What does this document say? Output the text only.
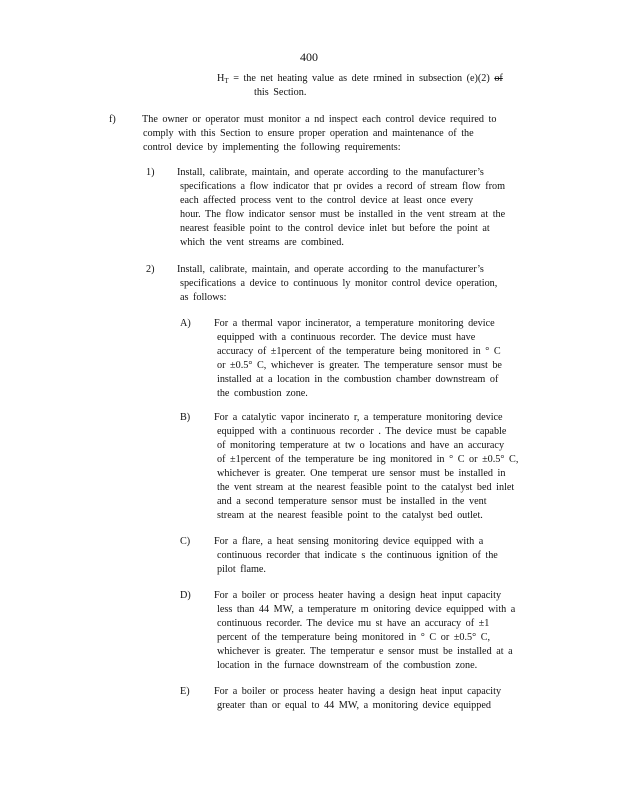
400
$H_T$ = the net heating value as dete rmined in subsection (e)(2) of
this Section.
f)	The owner or operator must monitor a nd inspect each control device required to
comply with this Section to ensure proper operation and maintenance of the
control device by implementing the following requirements:
1) Install, calibrate, maintain, and operate according to the manufacturer’s
specifications a flow indicator that pr ovides a record of stream flow from
each affected process vent to the control device at least once every
hour. The flow indicator sensor must be installed in the vent stream at the
nearest feasible point to the control device inlet but before the point at
which the vent streams are combined.
2) Install, calibrate, maintain, and operate according to the manufacturer’s
specifications a device to continuous ly monitor control device operation,
as follows:
A) For a thermal vapor incinerator, a temperature monitoring device
equipped with a continuous recorder. The device must have
accuracy of ±1percent of the temperature being monitored in ° C
or ±0.5° C, whichever is greater. The temperature sensor must be
installed at a location in the combustion chamber downstream of
the combustion zone.
B) For a catalytic vapor incinerato r, a temperature monitoring device
equipped with a continuous recorder . The device must be capable
of monitoring temperature at tw o locations and have an accuracy
of ±1percent of the temperature be ing monitored in ° C or ±0.5° C,
whichever is greater. One temperat ure sensor must be installed in
the vent stream at the nearest feasible point to the catalyst bed inlet
and a second temperature sensor must be installed in the vent
stream at the nearest feasible point to the catalyst bed outlet.
C) For a flare, a heat sensing monitoring device equipped with a
continuous recorder that indicate s the continuous ignition of the
pilot flame.
D) For a boiler or process heater having a design heat input capacity
less than 44 MW, a temperature m onitoring device equipped with a
continuous recorder. The device mu st have an accuracy of ±1
percent of the temperature being monitored in ° C or ±0.5° C,
whichever is greater. The temperatur e sensor must be installed at a
location in the furnace downstream of the combustion zone.
E) For a boiler or process heater having a design heat input capacity
greater than or equal to 44 MW, a monitoring device equipped
